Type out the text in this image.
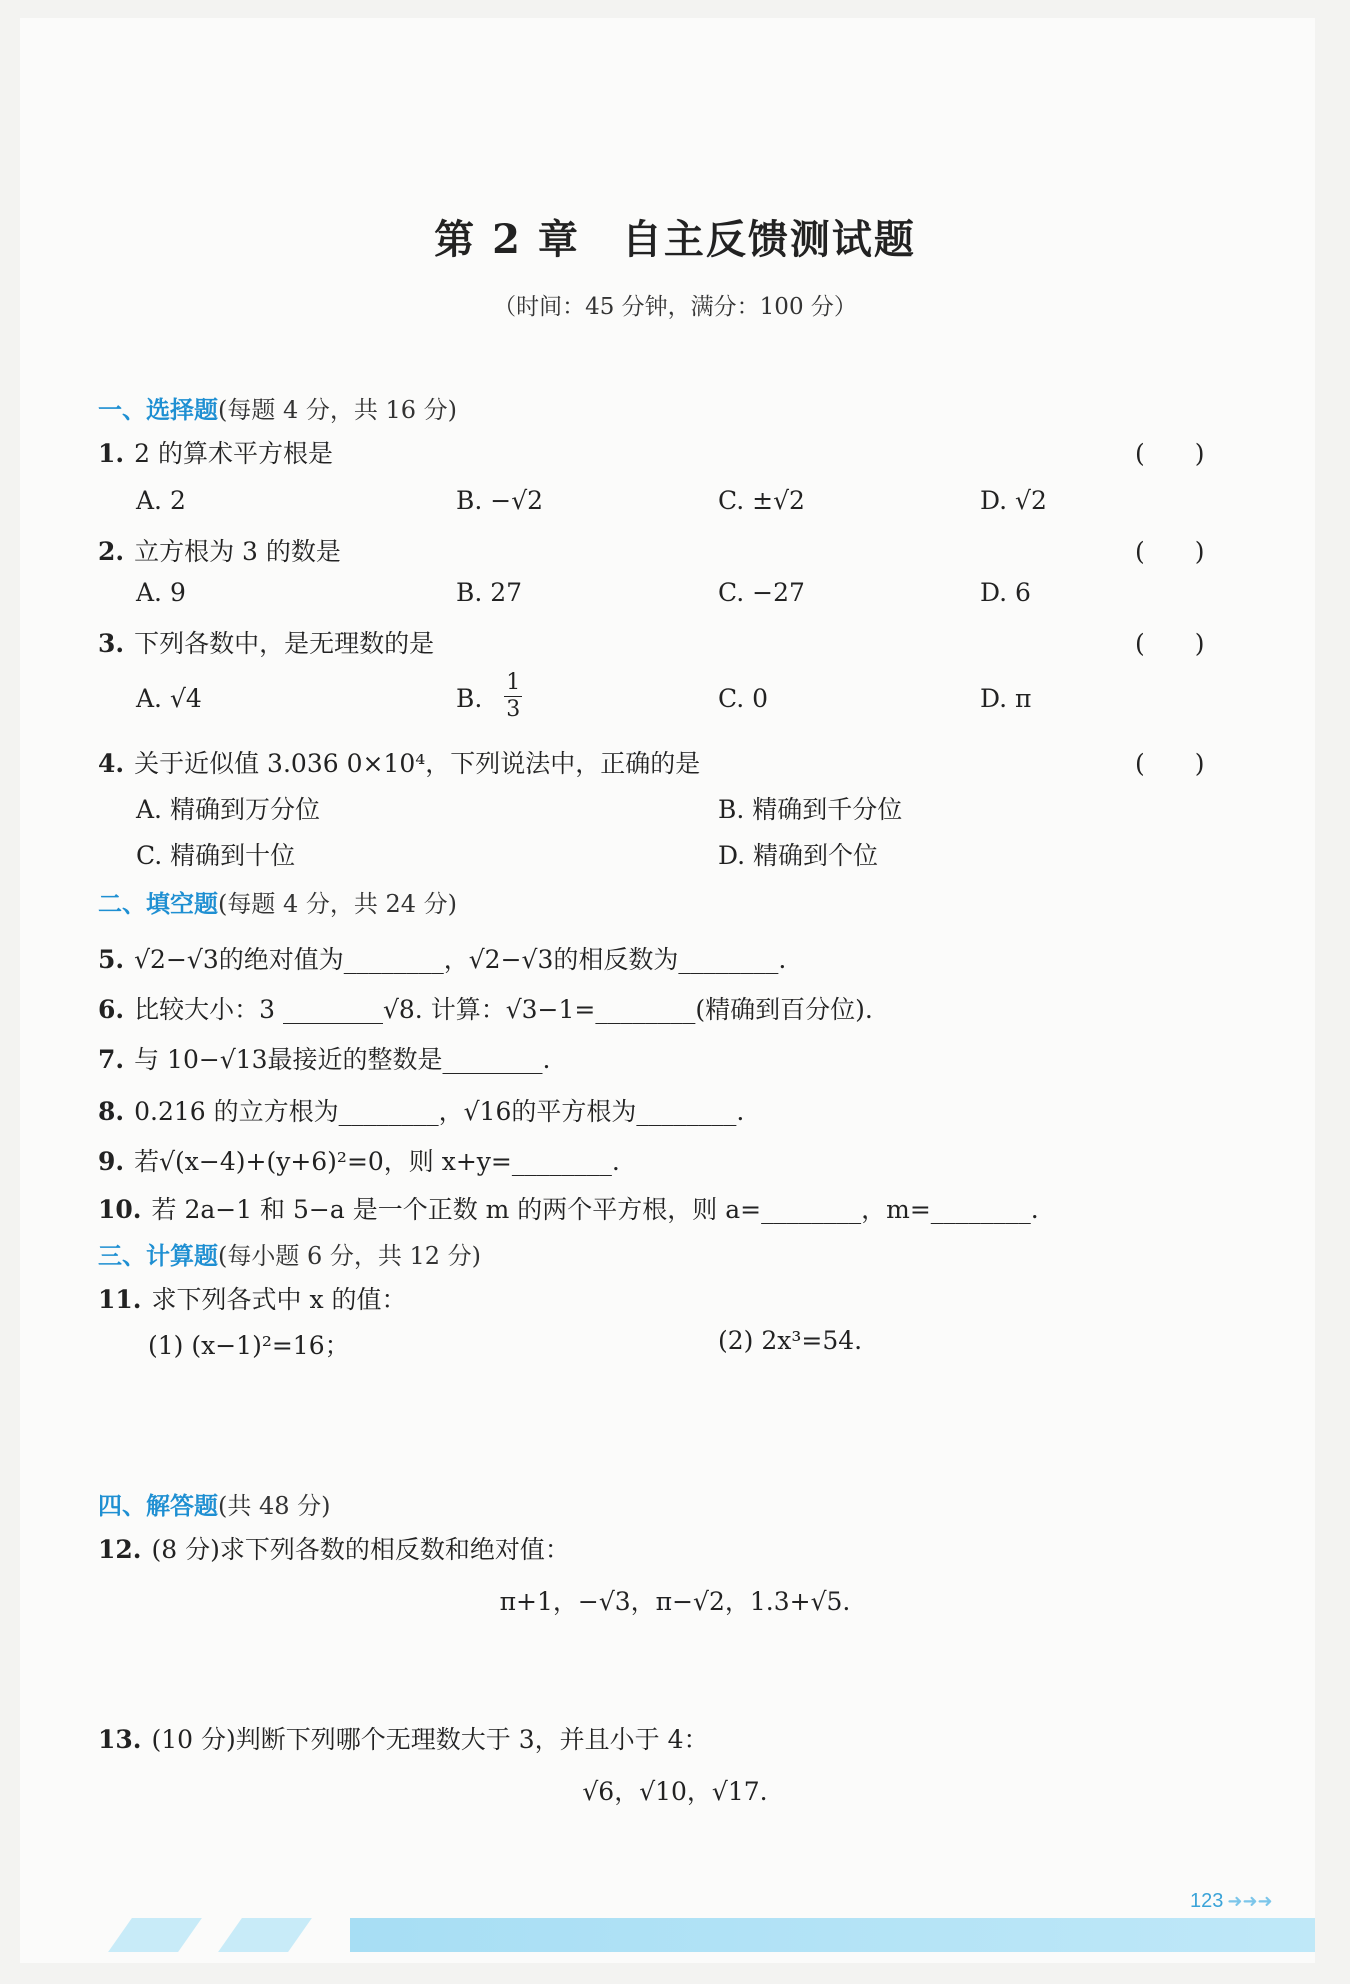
第 2 章　自主反馈测试题
（时间：45 分钟，满分：100 分）
一、选择题(每题 4 分，共 16 分)
1. 2 的算术平方根是	(　　)
A. 2	B. −√2	C. ±√2	D. √2
2. 立方根为 3 的数是	(　　)
A. 9	B. 27	C. −27	D. 6
3. 下列各数中，是无理数的是	(　　)
A. √4	B. $\frac{1}{3}$	C. 0	D. π
4. 关于近似值 3.036 0×10⁴，下列说法中，正确的是	(　　)
A. 精确到万分位	B. 精确到千分位
C. 精确到十位	D. 精确到个位
二、填空题(每题 4 分，共 24 分)
5. √2−√3的绝对值为________，√2−√3的相反数为________.
6. 比较大小：3 ________√8. 计算：√3−1=________(精确到百分位).
7. 与 10−√13最接近的整数是________.
8. 0.216 的立方根为________，√16的平方根为________.
9. 若√(x−4)+(y+6)²=0，则 x+y=________.
10. 若 2a−1 和 5−a 是一个正数 m 的两个平方根，则 a=________，m=________.
三、计算题(每小题 6 分，共 12 分)
11. 求下列各式中 x 的值：
(1) (x−1)²=16；	(2) 2x³=54.
四、解答题(共 48 分)
12. (8 分)求下列各数的相反数和绝对值：
π+1，−√3，π−√2，1.3+√5.
13. (10 分)判断下列哪个无理数大于 3，并且小于 4：
√6，√10，√17.
123 ➜➜➜
